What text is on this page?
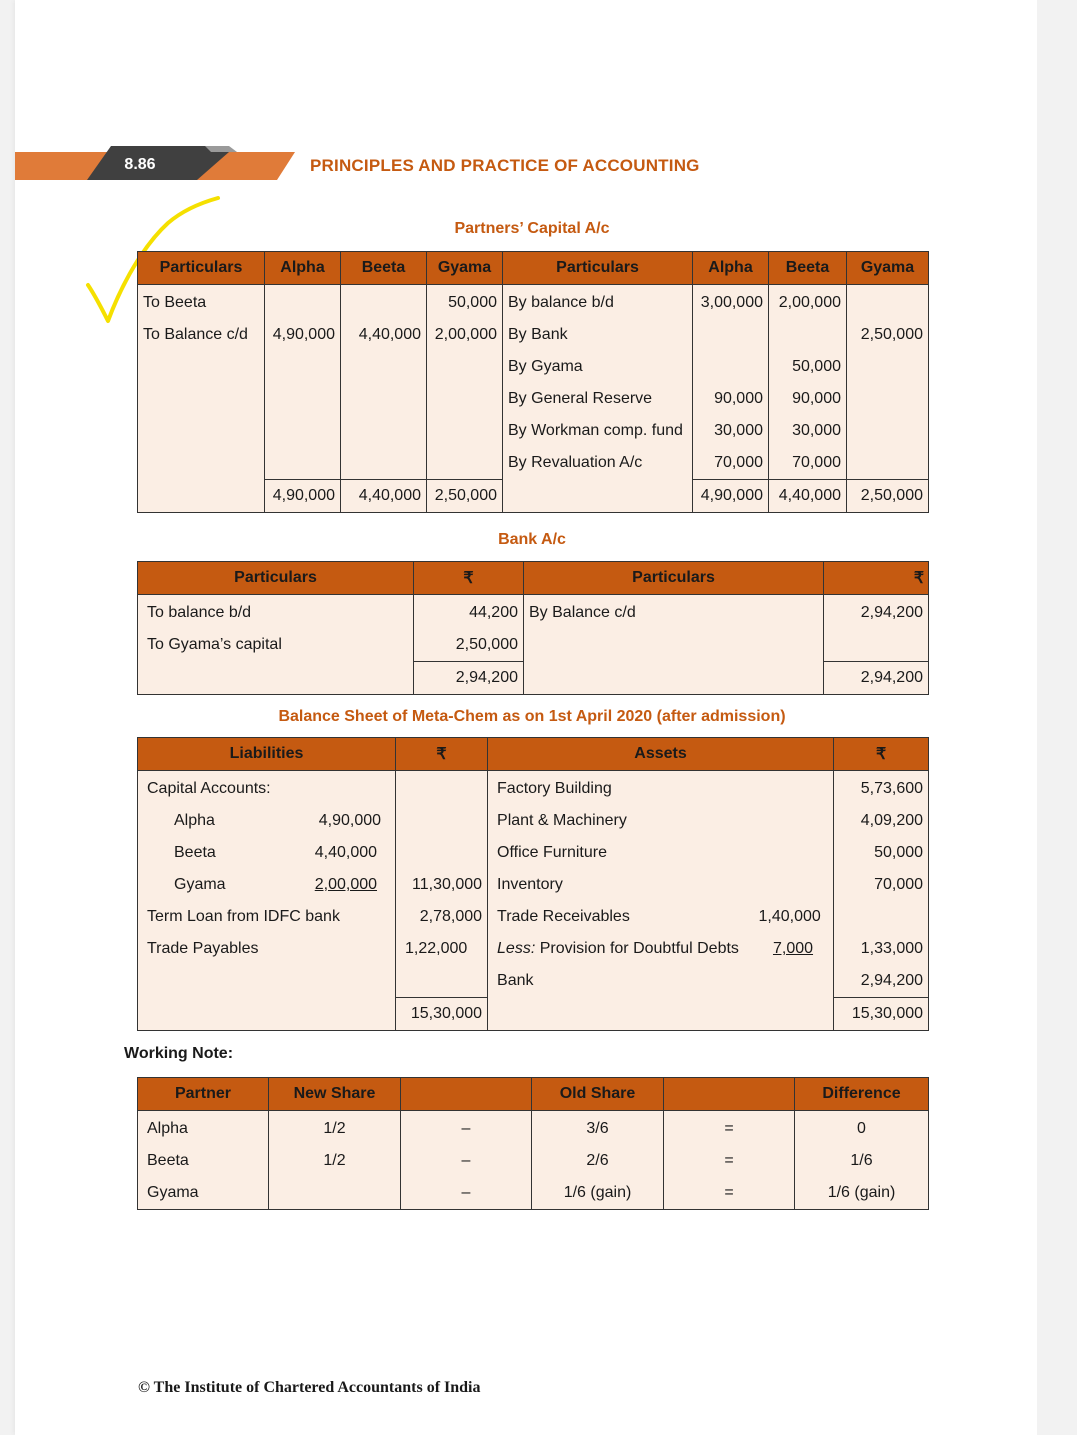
8.86	PRINCIPLES AND PRACTICE OF ACCOUNTING
Partners’ Capital A/c
Particulars	Alpha	Beeta	Gyama	Particulars	Alpha	Beeta	Gyama
To Beeta			50,000	By balance b/d	3,00,000	2,00,000	
To Balance c/d	4,90,000	4,40,000	2,00,000	By Bank			2,50,000
				By Gyama		50,000	
				By General Reserve	90,000	90,000	
				By Workman comp. fund	30,000	30,000	
				By Revaluation A/c	70,000	70,000	
	4,90,000	4,40,000	2,50,000		4,90,000	4,40,000	2,50,000
Bank A/c
Particulars	₹	Particulars	₹
To balance b/d	44,200	By Balance c/d	2,94,200
To Gyama’s capital	2,50,000		
	2,94,200		2,94,200
Balance Sheet of Meta-Chem as on 1st April 2020 (after admission)
Liabilities		₹	Assets		₹
Capital Accounts:			Factory Building		5,73,600
Alpha	4,90,000		Plant & Machinery		4,09,200
Beeta	4,40,000		Office Furniture		50,000
Gyama	2,00,000	11,30,000	Inventory		70,000
Term Loan from IDFC bank		2,78,000	Trade Receivables	1,40,000	
Trade Payables		1,22,000	Less: Provision for Doubtful Debts	7,000	1,33,000
			Bank		2,94,200
		15,30,000			15,30,000
Working Note:
Partner	New Share		Old Share		Difference
Alpha	1/2	–	3/6	=	0
Beeta	1/2	–	2/6	=	1/6
Gyama		–	1/6 (gain)	=	1/6 (gain)
© The Institute of Chartered Accountants of India
